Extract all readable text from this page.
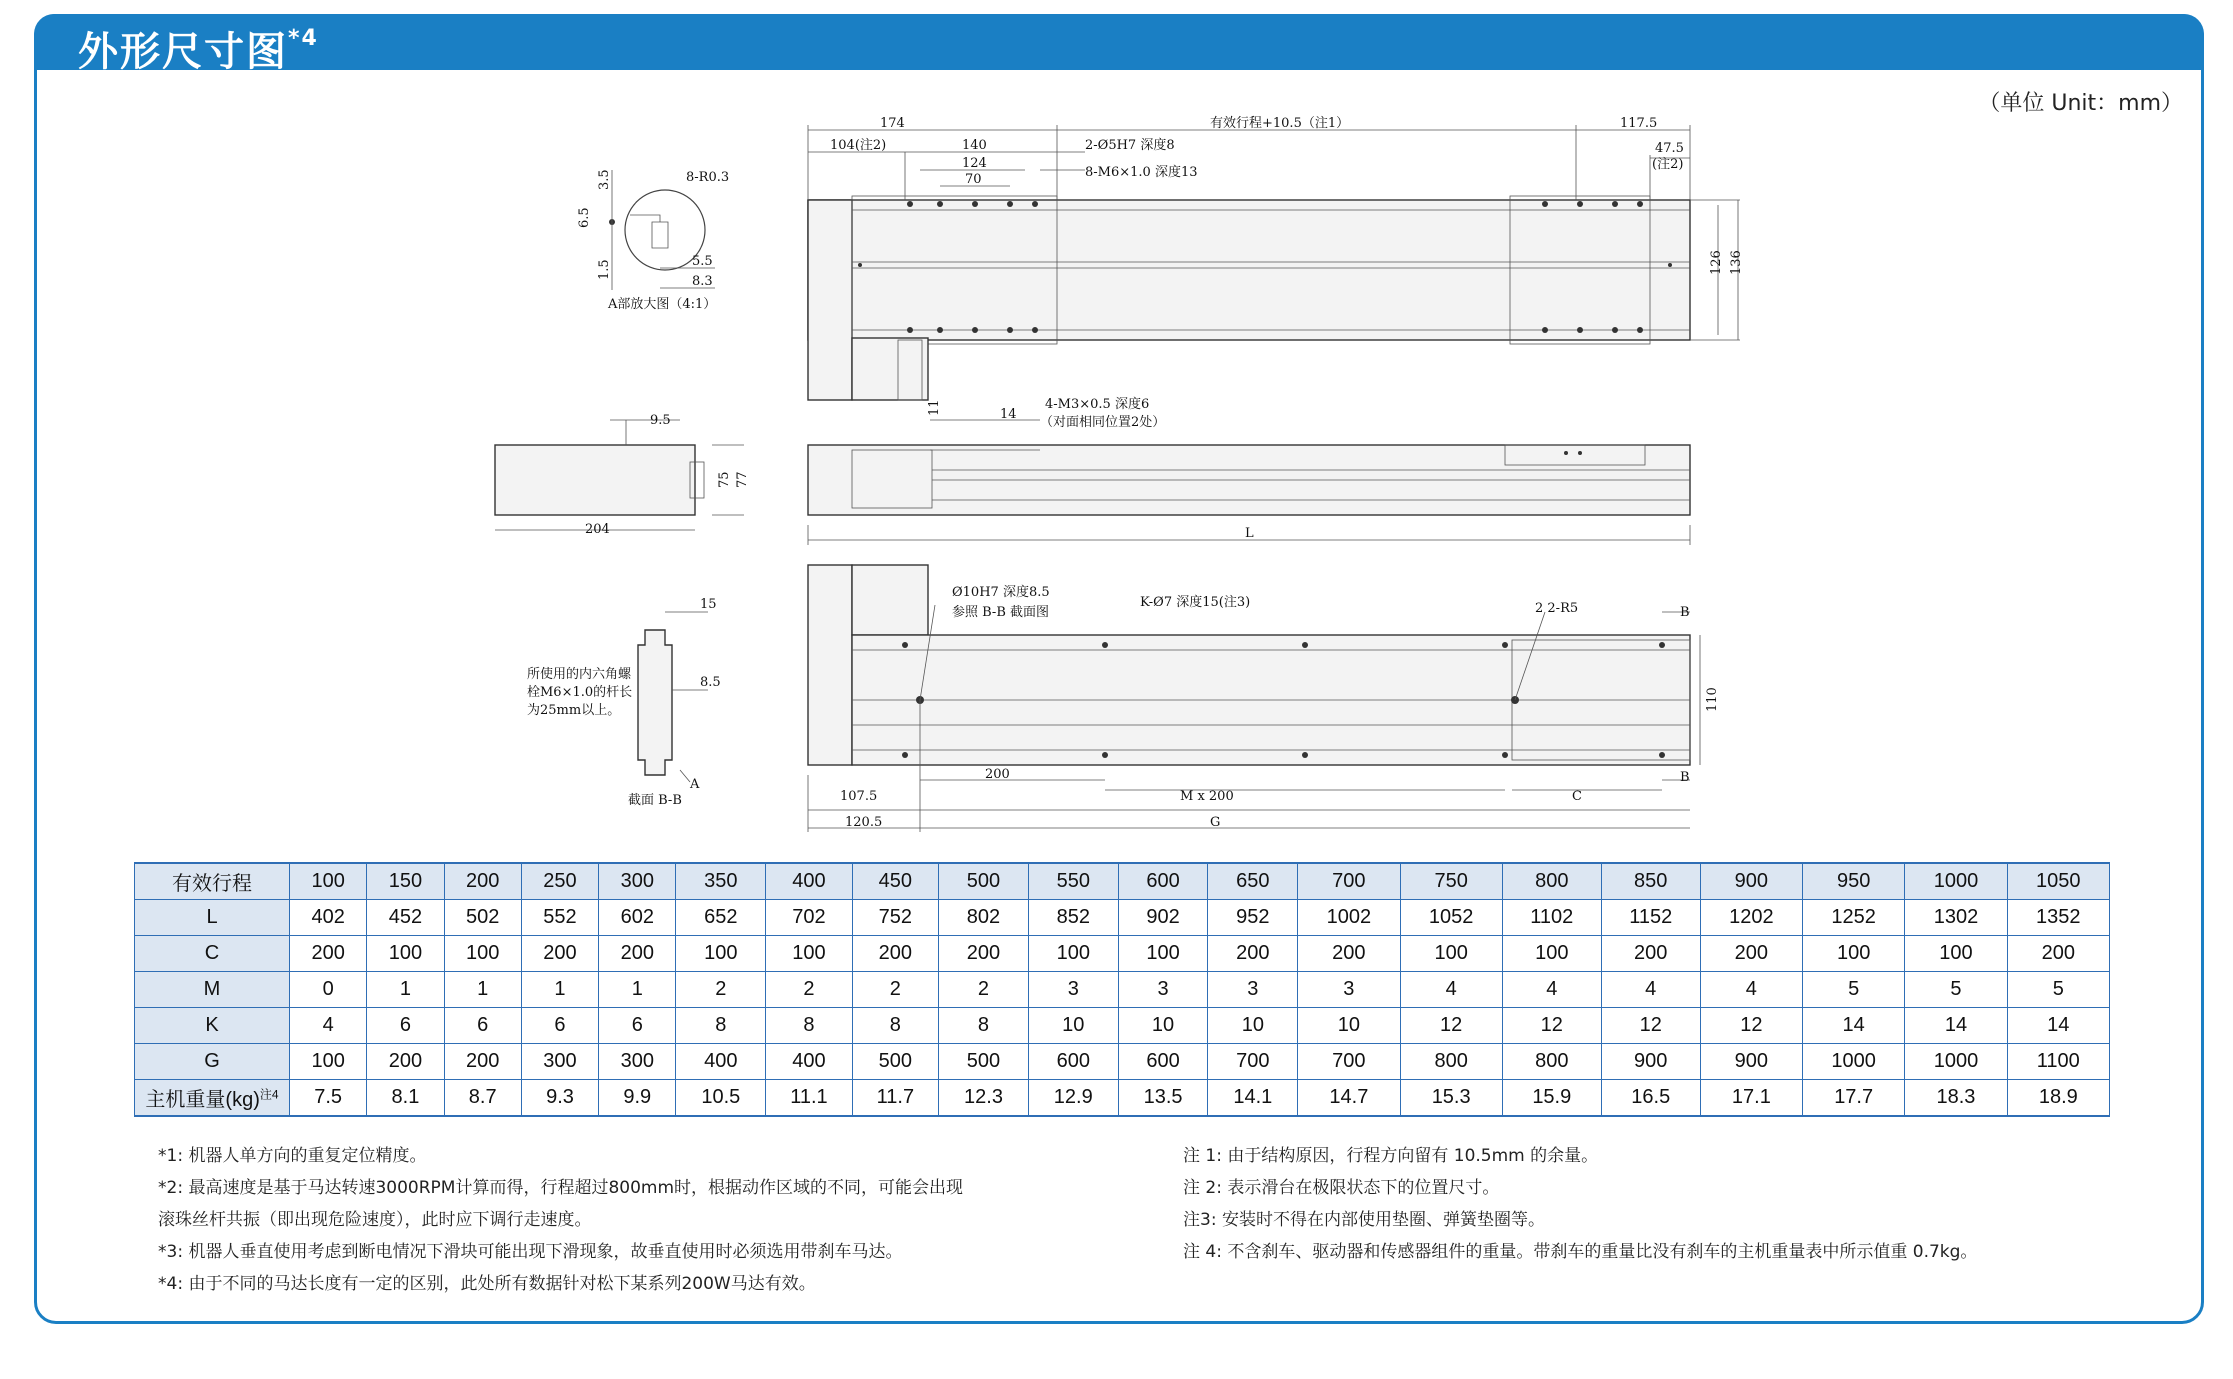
外形尺寸图$^{*4}$
（单位 Unit：mm）
174	有效行程+10.5（注1）	117.5
104(注2)	140
124
70
47.5
(注2)
2-Ø5H7 深度8
8-M6×1.0 深度13
126 136
8-R0.3
3.5
6.5
1.5	5.5
8.3
A部放大图（4:1）
9.5
75 77
204
11	14
4-M3×0.5 深度6
（对面相同位置2处）
L
Ø10H7 深度8.5
参照 B-B 截面图
K-Ø7 深度15(注3)	2 2-R5	B
B
110
200
M x 200	C
107.5
120.5	G
15
8.5
所使用的内六角螺
栓M6×1.0的杆长
为25mm以上。
A
截面 B-B
有效行程	100	150	200	250	300	350	400	450	500	550	600	650	700	750	800	850	900	950	1000	1050
L	402	452	502	552	602	652	702	752	802	852	902	952	1002	1052	1102	1152	1202	1252	1302	1352
C	200	100	100	200	200	100	100	200	200	100	100	200	200	100	100	200	200	100	100	200
M	0	1	1	1	1	2	2	2	2	3	3	3	3	4	4	4	4	5	5	5
K	4	6	6	6	6	8	8	8	8	10	10	10	10	12	12	12	12	14	14	14
G	100	200	200	300	300	400	400	500	500	600	600	700	700	800	800	900	900	1000	1000	1100
主机重量(kg)$^{注4}$	7.5	8.1	8.7	9.3	9.9	10.5	11.1	11.7	12.3	12.9	13.5	14.1	14.7	15.3	15.9	16.5	17.1	17.7	18.3	18.9
*1: 机器人单方向的重复定位精度。
*2: 最高速度是基于马达转速3000RPM计算而得，行程超过800mm时，根据动作区域的不同，可能会出现
滚珠丝杆共振（即出现危险速度），此时应下调行走速度。
*3: 机器人垂直使用考虑到断电情况下滑块可能出现下滑现象，故垂直使用时必须选用带刹车马达。
*4: 由于不同的马达长度有一定的区别，此处所有数据针对松下某系列200W马达有效。
注 1: 由于结构原因，行程方向留有 10.5mm 的余量。
注 2: 表示滑台在极限状态下的位置尺寸。
注3: 安装时不得在内部使用垫圈、弹簧垫圈等。
注 4: 不含刹车、驱动器和传感器组件的重量。带刹车的重量比没有刹车的主机重量表中所示值重 0.7kg。
